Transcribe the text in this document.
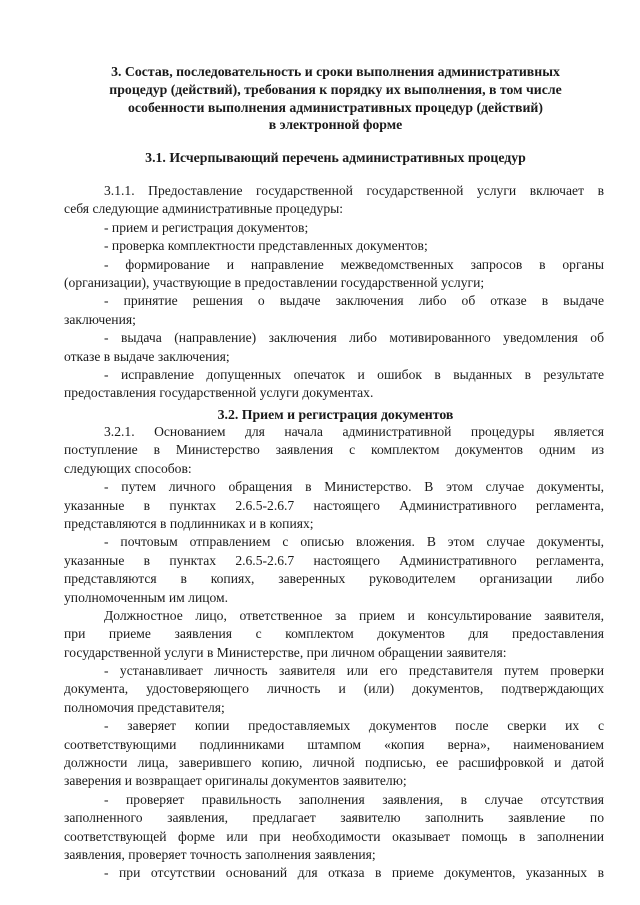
3. Состав, последовательность и сроки выполнения административных
процедур (действий), требования к порядку их выполнения, в том числе
особенности выполнения административных процедур (действий)
в электронной форме
3.1. Исчерпывающий перечень административных процедур
3.1.1. Предоставление государственной государственной услуги включает в
себя следующие административные процедуры:
- прием и регистрация документов;
- проверка комплектности представленных документов;
- формирование и направление межведомственных запросов в органы
(организации), участвующие в предоставлении государственной услуги;
- принятие решения о выдаче заключения либо об отказе в выдаче
заключения;
- выдача (направление) заключения либо мотивированного уведомления об
отказе в выдаче заключения;
- исправление допущенных опечаток и ошибок в выданных в результате
предоставления государственной услуги документах.
3.2. Прием и регистрация документов
3.2.1. Основанием для начала административной процедуры является
поступление в Министерство заявления с комплектом документов одним из
следующих способов:
- путем личного обращения в Министерство. В этом случае документы,
указанные в пунктах 2.6.5-2.6.7 настоящего Административного регламента,
представляются в подлинниках и в копиях;
- почтовым отправлением с описью вложения. В этом случае документы,
указанные в пунктах 2.6.5-2.6.7 настоящего Административного регламента,
представляются в копиях, заверенных руководителем организации либо
уполномоченным им лицом.
Должностное лицо, ответственное за прием и консультирование заявителя,
при приеме заявления с комплектом документов для предоставления
государственной услуги в Министерстве, при личном обращении заявителя:
- устанавливает личность заявителя или его представителя путем проверки
документа, удостоверяющего личность и (или) документов, подтверждающих
полномочия представителя;
- заверяет копии предоставляемых документов после сверки их с
соответствующими подлинниками штампом «копия верна», наименованием
должности лица, заверившего копию, личной подписью, ее расшифровкой и датой
заверения и возвращает оригиналы документов заявителю;
- проверяет правильность заполнения заявления, в случае отсутствия
заполненного заявления, предлагает заявителю заполнить заявление по
соответствующей форме или при необходимости оказывает помощь в заполнении
заявления, проверяет точность заполнения заявления;
- при отсутствии оснований для отказа в приеме документов, указанных в
